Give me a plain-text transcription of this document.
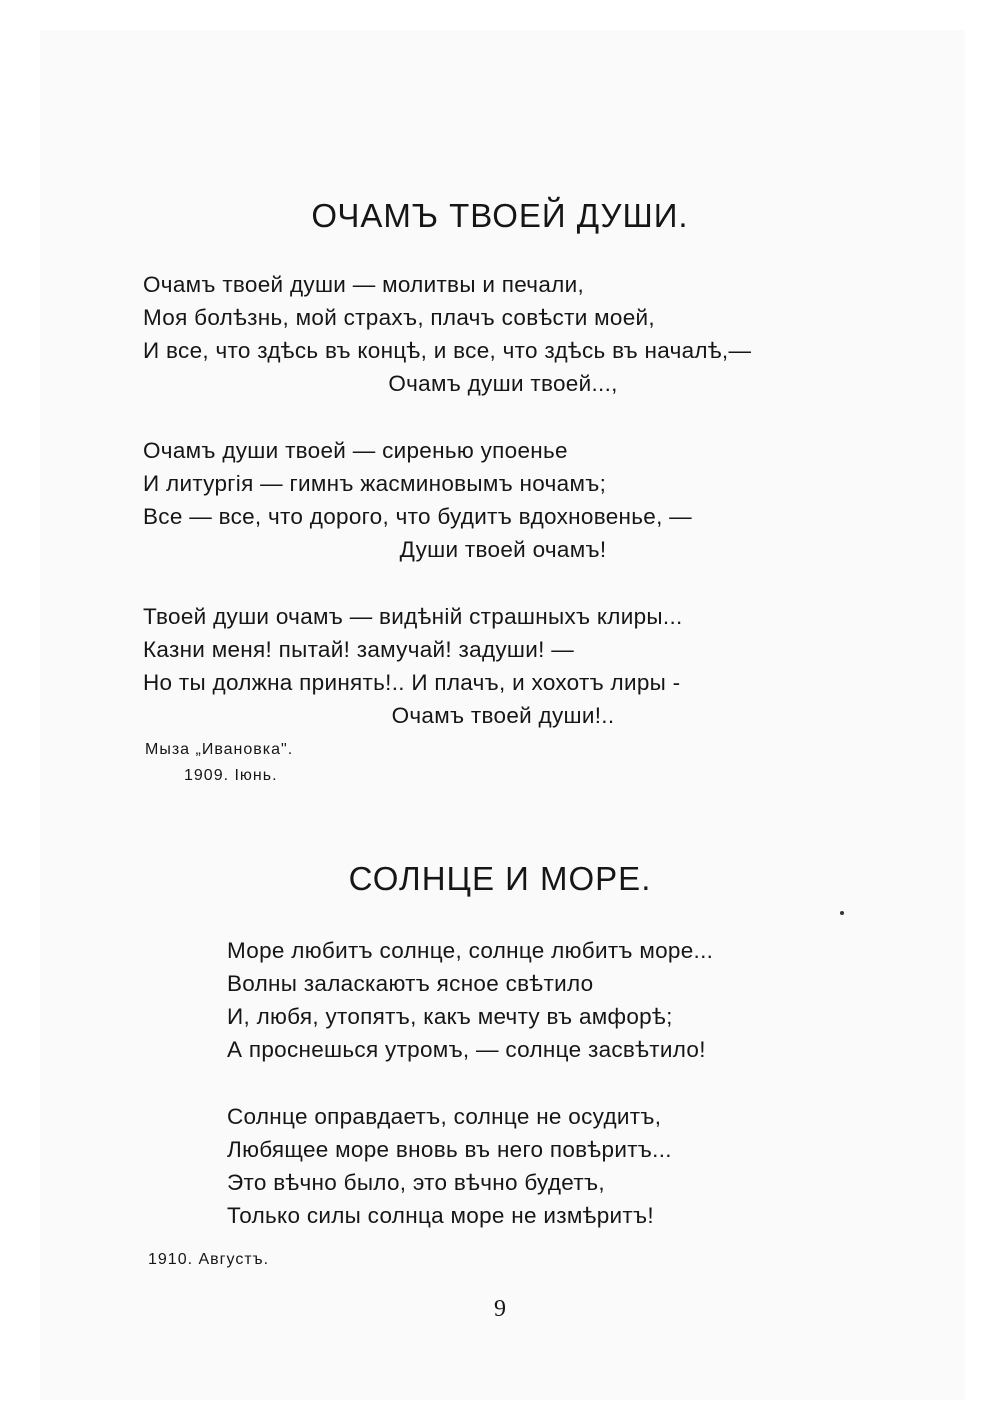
ОЧАМЪ ТВОЕЙ ДУШИ.
Очамъ твоей души — молитвы и печали,
Моя болѣзнь, мой страхъ, плачъ совѣсти моей,
И все, что здѣсь въ концѣ, и все, что здѣсь въ началѣ,—
Очамъ души твоей...,
Очамъ души твоей — сиренью упоенье
И литургія — гимнъ жасминовымъ ночамъ;
Все — все, что дорого, что будитъ вдохновенье, —
Души твоей очамъ!
Твоей души очамъ — видѣній страшныхъ клиры...
Казни меня! пытай! замучай! задуши! —
Но ты должна принять!.. И плачъ, и хохотъ лиры -
Очамъ твоей души!..
Мыза „Ивановка".
1909. Іюнь.
СОЛНЦЕ И МОРЕ.
Море любитъ солнце, солнце любитъ море...
Волны заласкаютъ ясное свѣтило
И, любя, утопятъ, какъ мечту въ амфорѣ;
А проснешься утромъ, — солнце засвѣтило!
Солнце оправдаетъ, солнце не осудитъ,
Любящее море вновь въ него повѣритъ...
Это вѣчно было, это вѣчно будетъ,
Только силы солнца море не измѣритъ!
1910. Августъ.
9
